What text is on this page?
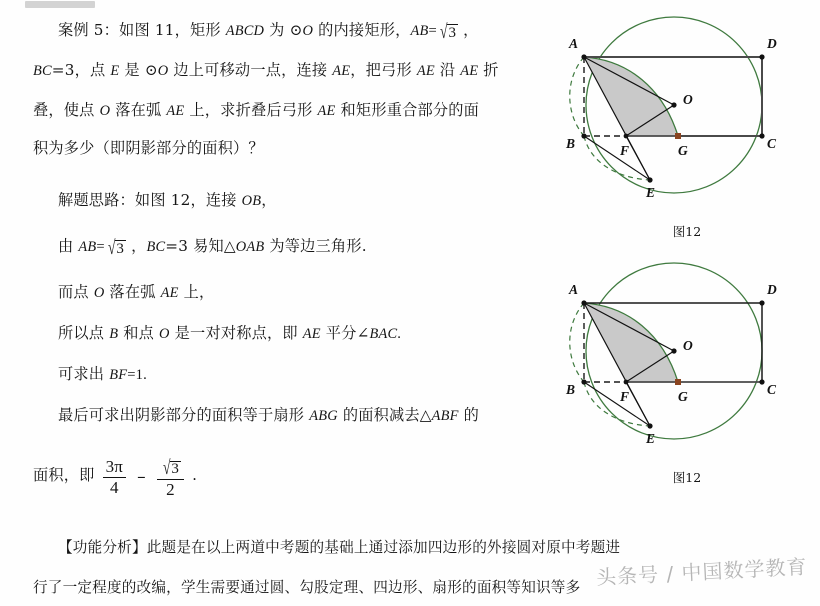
案例 5：如图 11，矩形 ABCD 为 ⊙O 的内接矩形，AB= √3 ，
BC=3，点 E 是 ⊙O 边上可移动一点，连接 AE，把弓形 AE 沿 AE 折
叠，使点 O 落在弧 AE 上，求折叠后弓形 AE 和矩形重合部分的面
积为多少（即阴影部分的面积）？
解题思路：如图 12，连接 OB，
由 AB= √3 ，BC=3 易知△OAB 为等边三角形.
而点 O 落在弧 AE 上，
所以点 B 和点 O 是一对对称点，即 AE 平分∠BAC.
可求出 BF=1.
最后可求出阴影部分的面积等于扇形 ABG 的面积减去△ABF 的
面积，即 $\frac{3\pi}{4} - \frac{√3}{2}$ .
【功能分析】此题是在以上两道中考题的基础上通过添加四边形的外接圆对原中考题进
行了一定程度的改编，学生需要通过圆、勾股定理、四边形、扇形的面积等知识等多 头条号 / 中国数学教育
A	D
B	C
O
F	G
E
图12
A	D
B	C
O
F	G
E
图12
